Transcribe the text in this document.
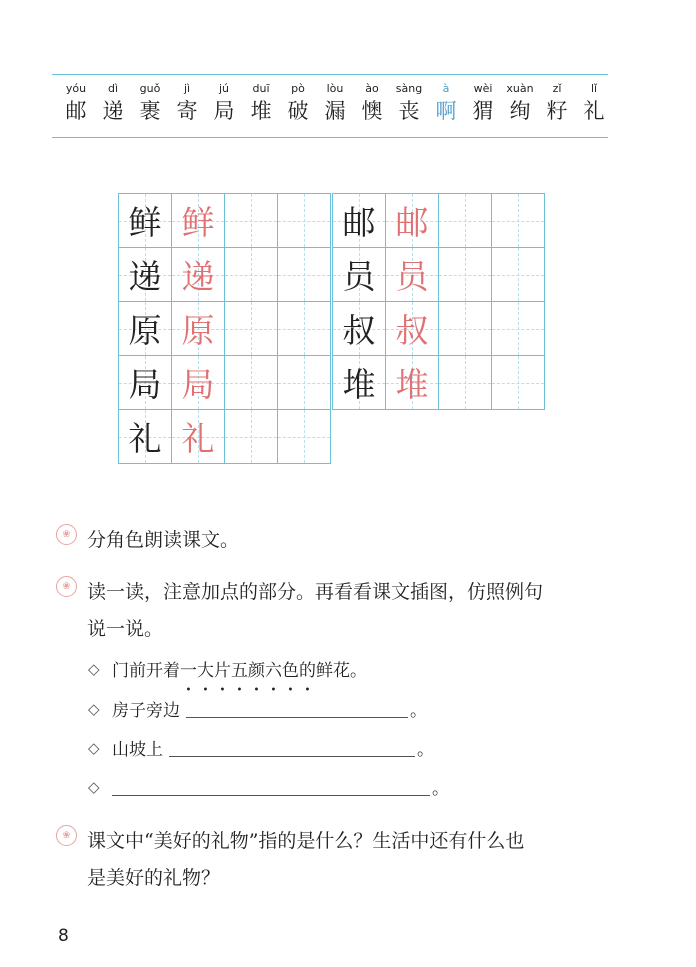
yóu
邮
dì
递
guǒ
裹
jì
寄
jú
局
duī
堆
pò
破
lòu
漏
ào
懊
sàng
丧
à
啊
wèi
猬
xuàn
绚
zǐ
籽
lǐ
礼
鲜 鲜
递 递
原 原
局 局
礼 礼
邮 邮
员 员
叔 叔
堆 堆
❀ 分角色朗读课文。
❀ 读一读，注意加点的部分。再看看课文插图，仿照例句
说一说。
◇ 门前开着 一大片五颜六色的 鲜花。
◇ 房子旁边	。
◇ 山坡上	。
◇	。
❀ 课文中“美好的礼物”指的是什么？生活中还有什么也
是美好的礼物？
8
